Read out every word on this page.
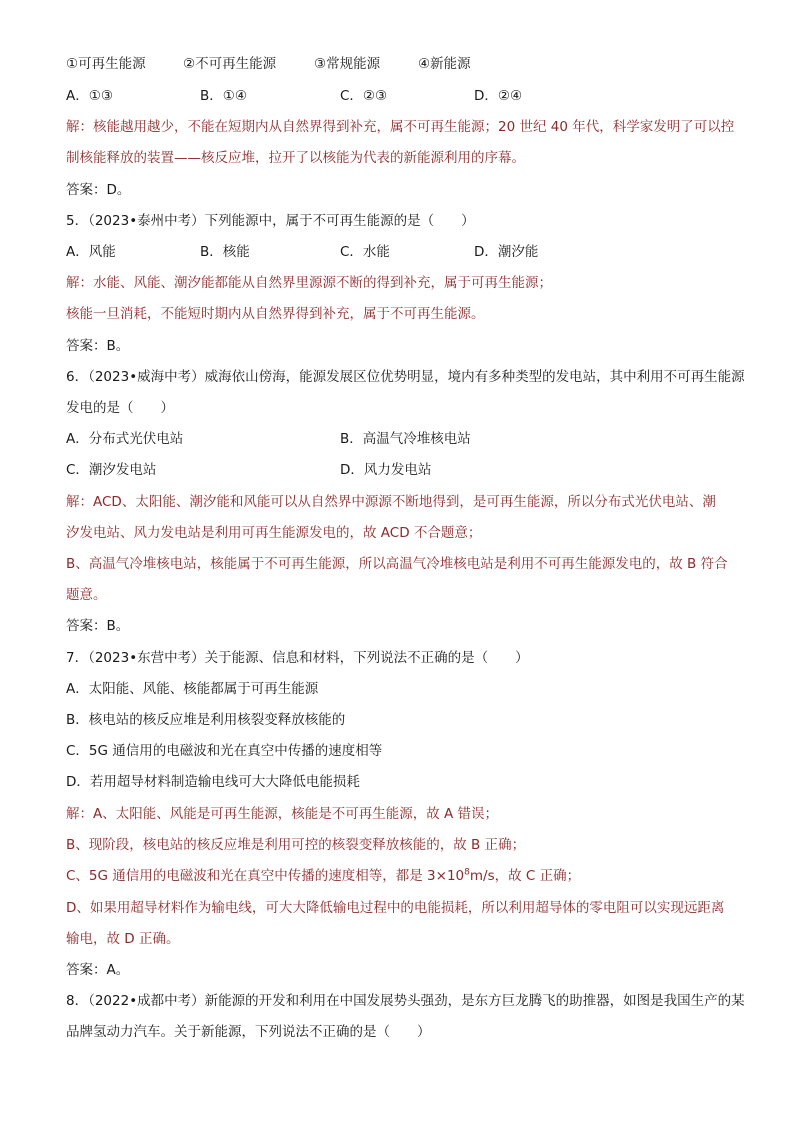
①可再生能源	②不可再生能源	③常规能源	④新能源
A．①③	B．①④	C．②③	D．②④
解：核能越用越少，不能在短期内从自然界得到补充，属不可再生能源；20 世纪 40 年代，科学家发明了可以控
制核能释放的装置——核反应堆，拉开了以核能为代表的新能源利用的序幕。
答案：D。
5．（2023•泰州中考）下列能源中，属于不可再生能源的是（　　）
A．风能	B．核能	C．水能	D．潮汐能
解：水能、风能、潮汐能都能从自然界里源源不断的得到补充，属于可再生能源；
核能一旦消耗，不能短时期内从自然界得到补充，属于不可再生能源。
答案：B。
6．（2023•威海中考）威海依山傍海，能源发展区位优势明显，境内有多种类型的发电站，其中利用不可再生能源
发电的是（　　）
A．分布式光伏电站	B．高温气冷堆核电站
C．潮汐发电站	D．风力发电站
解：ACD、太阳能、潮汐能和风能可以从自然界中源源不断地得到，是可再生能源，所以分布式光伏电站、潮
汐发电站、风力发电站是利用可再生能源发电的，故 ACD 不合题意；
B、高温气冷堆核电站，核能属于不可再生能源，所以高温气冷堆核电站是利用不可再生能源发电的，故 B 符合
题意。
答案：B。
7．（2023•东营中考）关于能源、信息和材料，下列说法不正确的是（　　）
A．太阳能、风能、核能都属于可再生能源
B．核电站的核反应堆是利用核裂变释放核能的
C．5G 通信用的电磁波和光在真空中传播的速度相等
D．若用超导材料制造输电线可大大降低电能损耗
解：A、太阳能、风能是可再生能源，核能是不可再生能源，故 A 错误；
B、现阶段，核电站的核反应堆是利用可控的核裂变释放核能的，故 B 正确；
C、5G 通信用的电磁波和光在真空中传播的速度相等，都是 $3\times 10^8m/s$，故 C 正确；
D、如果用超导材料作为输电线，可大大降低输电过程中的电能损耗，所以利用超导体的零电阻可以实现远距离
输电，故 D 正确。
答案：A。
8．（2022•成都中考）新能源的开发和利用在中国发展势头强劲，是东方巨龙腾飞的助推器，如图是我国生产的某
品牌氢动力汽车。关于新能源，下列说法不正确的是（　　）
